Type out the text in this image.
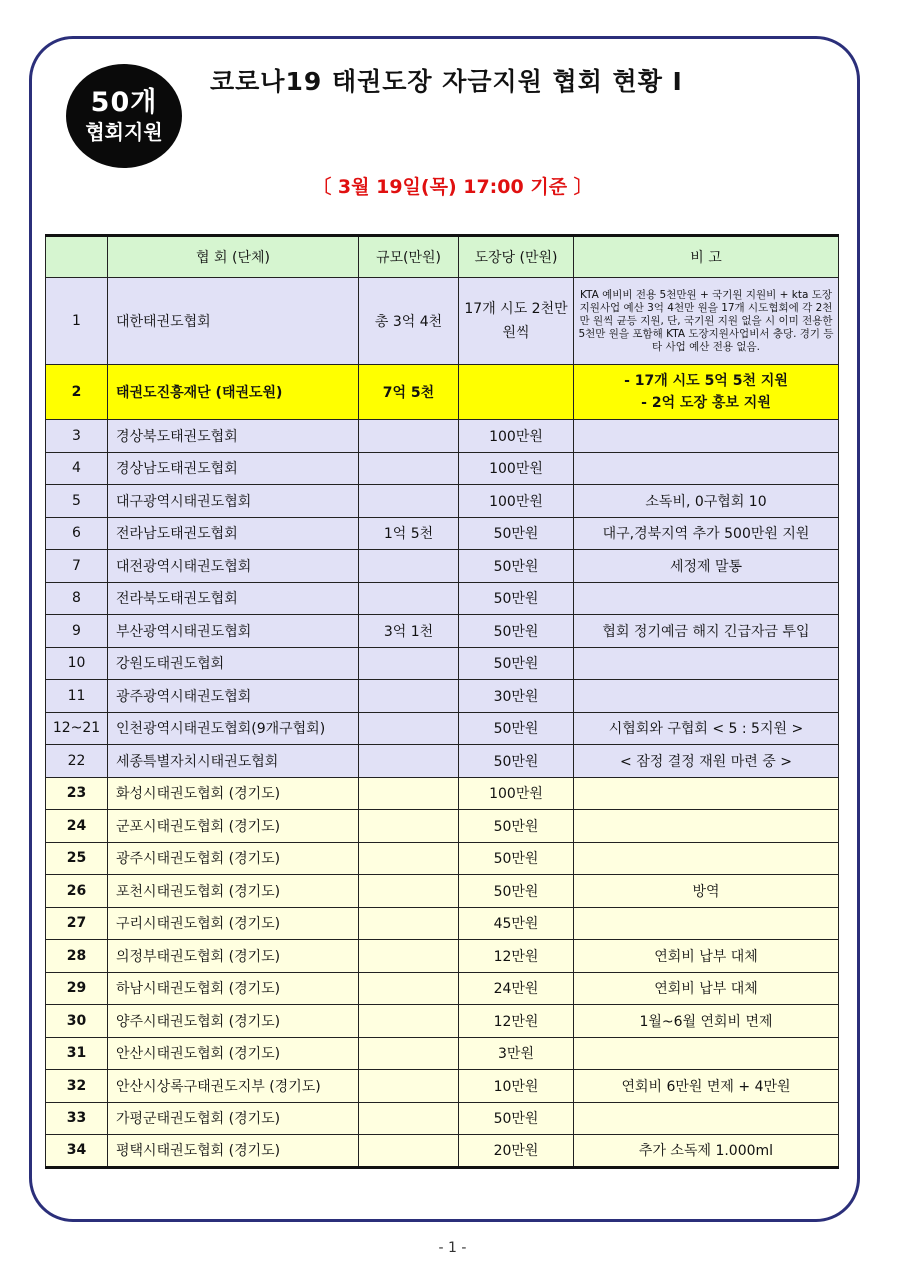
50개
협회지원
코로나19 태권도장 자금지원 협회 현황 Ⅰ
〔 3월 19일(목) 17:00 기준 〕
	협 회 (단체)	규모(만원)	도장당 (만원)	비 고
1	대한태권도협회	총 3억 4천	17개 시도 2천만원씩	KTA 예비비 전용 5천만원 + 국기원 지원비 + kta 도장지원사업 예산 3억 4천만 원을 17개 시도협회에 각 2천만 원씩 균등 지원, 단, 국기원 지원 없을 시 이미 전용한 5천만 원을 포함해 KTA 도장지원사업비서 충당. 경기 등 타 사업 예산 전용 없음.
2	태권도진흥재단 (태권도원)	7억 5천		- 17개 시도 5억 5천 지원
- 2억 도장 홍보 지원
3	경상북도태권도협회		100만원	
4	경상남도태권도협회		100만원	
5	대구광역시태권도협회		100만원	소독비, 0구협회 10
6	전라남도태권도협회	1억 5천	50만원	대구,경북지역 추가 500만원 지원
7	대전광역시태권도협회		50만원	세정제 말통
8	전라북도태권도협회		50만원	
9	부산광역시태권도협회	3억 1천	50만원	협회 정기예금 해지 긴급자금 투입
10	강원도태권도협회		50만원	
11	광주광역시태권도협회		30만원	
12~21	인천광역시태권도협회(9개구협회)		50만원	시협회와 구협회 < 5 : 5지원 >
22	세종특별자치시태권도협회		50만원	< 잠정 결정 재원 마련 중 >
23	화성시태권도협회 (경기도)		100만원	
24	군포시태권도협회 (경기도)		50만원	
25	광주시태권도협회 (경기도)		50만원	
26	포천시태권도협회 (경기도)		50만원	방역
27	구리시태권도협회 (경기도)		45만원	
28	의정부태권도협회 (경기도)		12만원	연회비 납부 대체
29	하남시태권도협회 (경기도)		24만원	연회비 납부 대체
30	양주시태권도협회 (경기도)		12만원	1월~6월 연회비 면제
31	안산시태권도협회 (경기도)		3만원	
32	안산시상록구태권도지부 (경기도)		10만원	연회비 6만원 면제 + 4만원
33	가평군태권도협회 (경기도)		50만원	
34	평택시태권도협회 (경기도)		20만원	추가 소독제 1.000ml
- 1 -
